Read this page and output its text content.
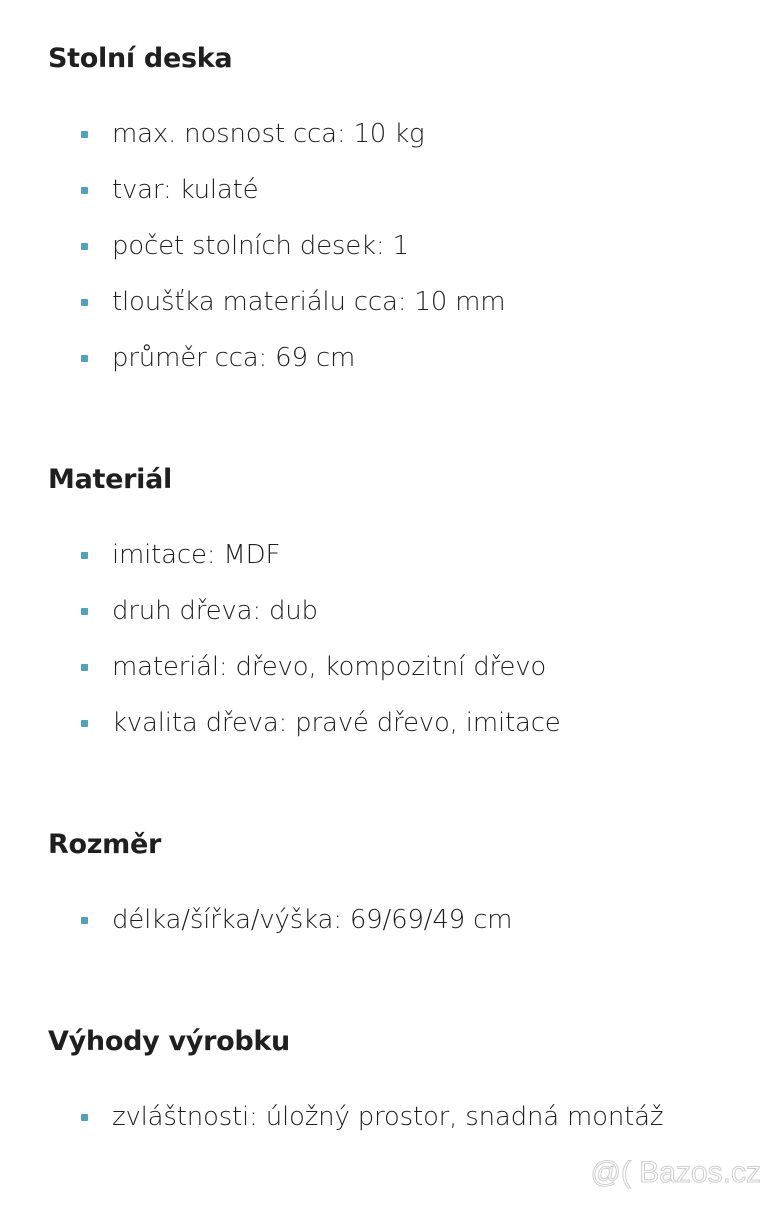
Stolní deska
max. nosnost cca: 10 kg
tvar: kulaté
počet stolních desek: 1
tloušťka materiálu cca: 10 mm
průměr cca: 69 cm
Materiál
imitace: MDF
druh dřeva: dub
materiál: dřevo, kompozitní dřevo
kvalita dřeva: pravé dřevo, imitace
Rozměr
délka/šířka/výška: 69/69/49 cm
Výhody výrobku
zvláštnosti: úložný prostor, snadná montáž
@( Bazos.cz
